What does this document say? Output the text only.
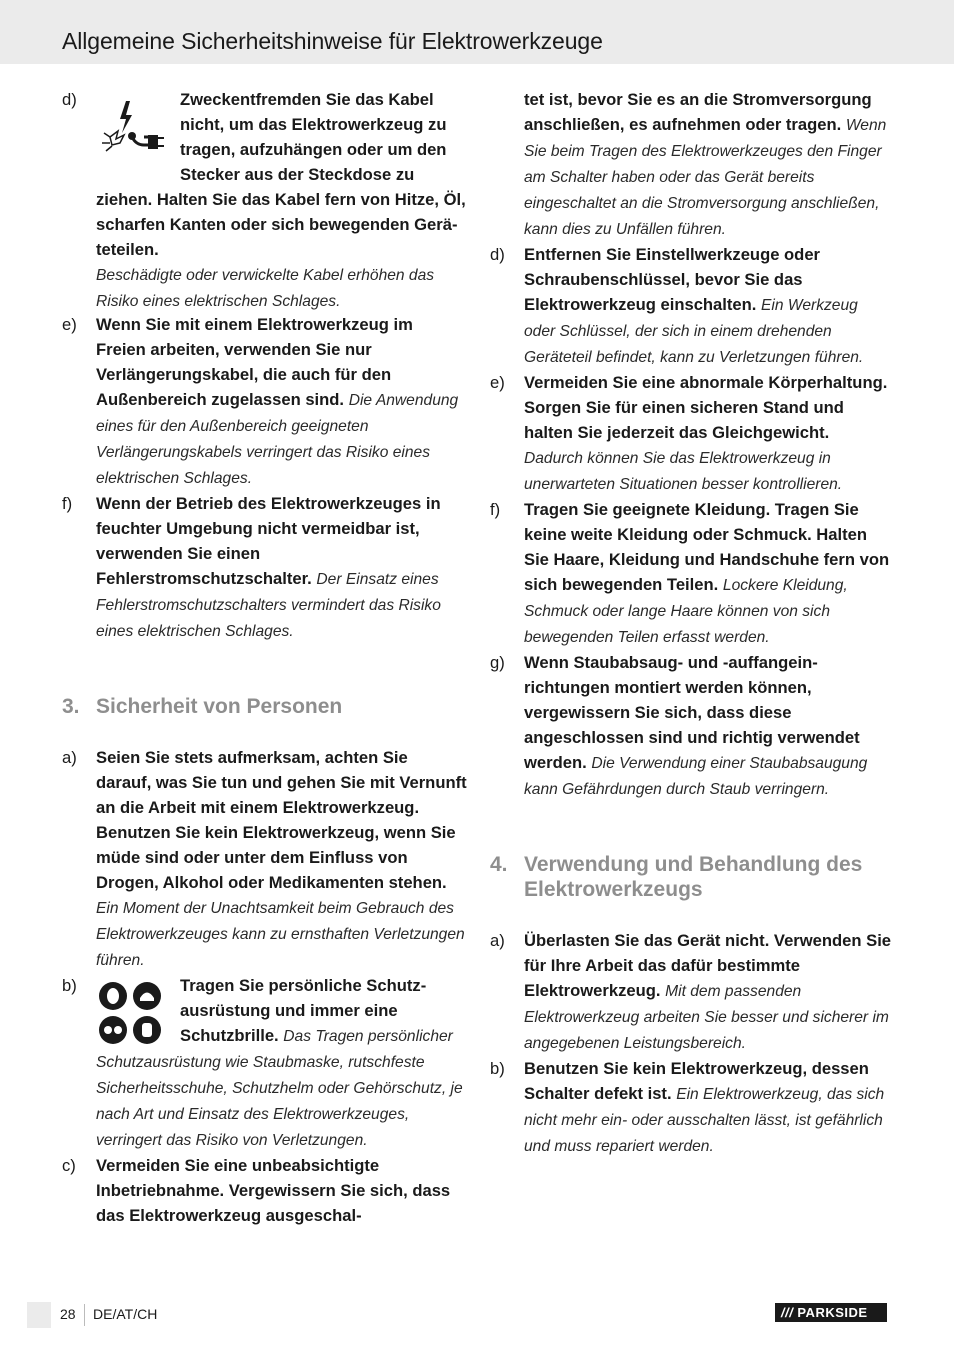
Allgemeine Sicherheitshinweise für Elektrowerkzeuge
d)	Zweckentfremden Sie das Kabel nicht, um das Elektrowerkzeug zu tragen, aufzuhängen oder um den Stecker aus der Steckdose zu ziehen. Halten Sie das Kabel fern von Hitze, Öl, scharfen Kanten oder sich bewegenden Geräteteilen.
Beschädigte oder verwickelte Kabel erhöhen das Risiko eines elektrischen Schlages.
e) Wenn Sie mit einem Elektrowerkzeug im Freien arbeiten, verwenden Sie nur Verlängerungskabel, die auch für den Außenbereich zugelassen sind. Die Anwendung eines für den Außenbereich geeigneten Verlängerungskabels verringert das Risiko eines elektrischen Schlages.
f) Wenn der Betrieb des Elektrowerkzeuges in feuchter Umgebung nicht vermeidbar ist, verwenden Sie einen Fehlerstromschutzschalter. Der Einsatz eines Fehlerstromschutzschalters vermindert das Risiko eines elektrischen Schlages.
3. Sicherheit von Personen
a) Seien Sie stets aufmerksam, achten Sie darauf, was Sie tun und gehen Sie mit Vernunft an die Arbeit mit einem Elektrowerkzeug. Benutzen Sie kein Elektrowerkzeug, wenn Sie müde sind oder unter dem Einfluss von Drogen, Alkohol oder Medikamenten stehen. Ein Moment der Unachtsamkeit beim Gebrauch des Elektrowerkzeuges kann zu ernsthaften Verletzungen führen.
b)	Tragen Sie persönliche Schutzausrüstung und immer eine Schutzbrille. Das Tragen persönlicher Schutzausrüstung wie Staubmaske, rutschfeste Sicherheitsschuhe, Schutzhelm oder Gehörschutz, je nach Art und Einsatz des Elektrowerkzeuges, verringert das Risiko von Verletzungen.
c) Vermeiden Sie eine unbeabsichtigte Inbetriebnahme. Vergewissern Sie sich, dass das Elektrowerkzeug ausgeschal-
tet ist, bevor Sie es an die Stromversorgung anschließen, es aufnehmen oder tragen. Wenn Sie beim Tragen des Elektrowerkzeuges den Finger am Schalter haben oder das Gerät bereits eingeschaltet an die Stromversorgung anschließen, kann dies zu Unfällen führen.
d) Entfernen Sie Einstellwerkzeuge oder Schraubenschlüssel, bevor Sie das Elektrowerkzeug einschalten. Ein Werkzeug oder Schlüssel, der sich in einem drehenden Geräteteil befindet, kann zu Verletzungen führen.
e) Vermeiden Sie eine abnormale Körperhaltung. Sorgen Sie für einen sicheren Stand und halten Sie jederzeit das Gleichgewicht. Dadurch können Sie das Elektrowerkzeug in unerwarteten Situationen besser kontrollieren.
f) Tragen Sie geeignete Kleidung. Tragen Sie keine weite Kleidung oder Schmuck. Halten Sie Haare, Kleidung und Handschuhe fern von sich bewegenden Teilen. Lockere Kleidung, Schmuck oder lange Haare können von sich bewegenden Teilen erfasst werden.
g) Wenn Staubabsaug- und -auffangeinrichtungen montiert werden können, vergewissern Sie sich, dass diese angeschlossen sind und richtig verwendet werden. Die Verwendung einer Staubabsaugung kann Gefährdungen durch Staub verringern.
4. Verwendung und Behandlung des Elektrowerkzeugs
a) Überlasten Sie das Gerät nicht. Verwenden Sie für Ihre Arbeit das dafür bestimmte Elektrowerkzeug. Mit dem passenden Elektrowerkzeug arbeiten Sie besser und sicherer im angegebenen Leistungsbereich.
b) Benutzen Sie kein Elektrowerkzeug, dessen Schalter defekt ist. Ein Elektrowerkzeug, das sich nicht mehr ein- oder ausschalten lässt, ist gefährlich und muss repariert werden.
28 DE/AT/CH	/// PARKSIDE
